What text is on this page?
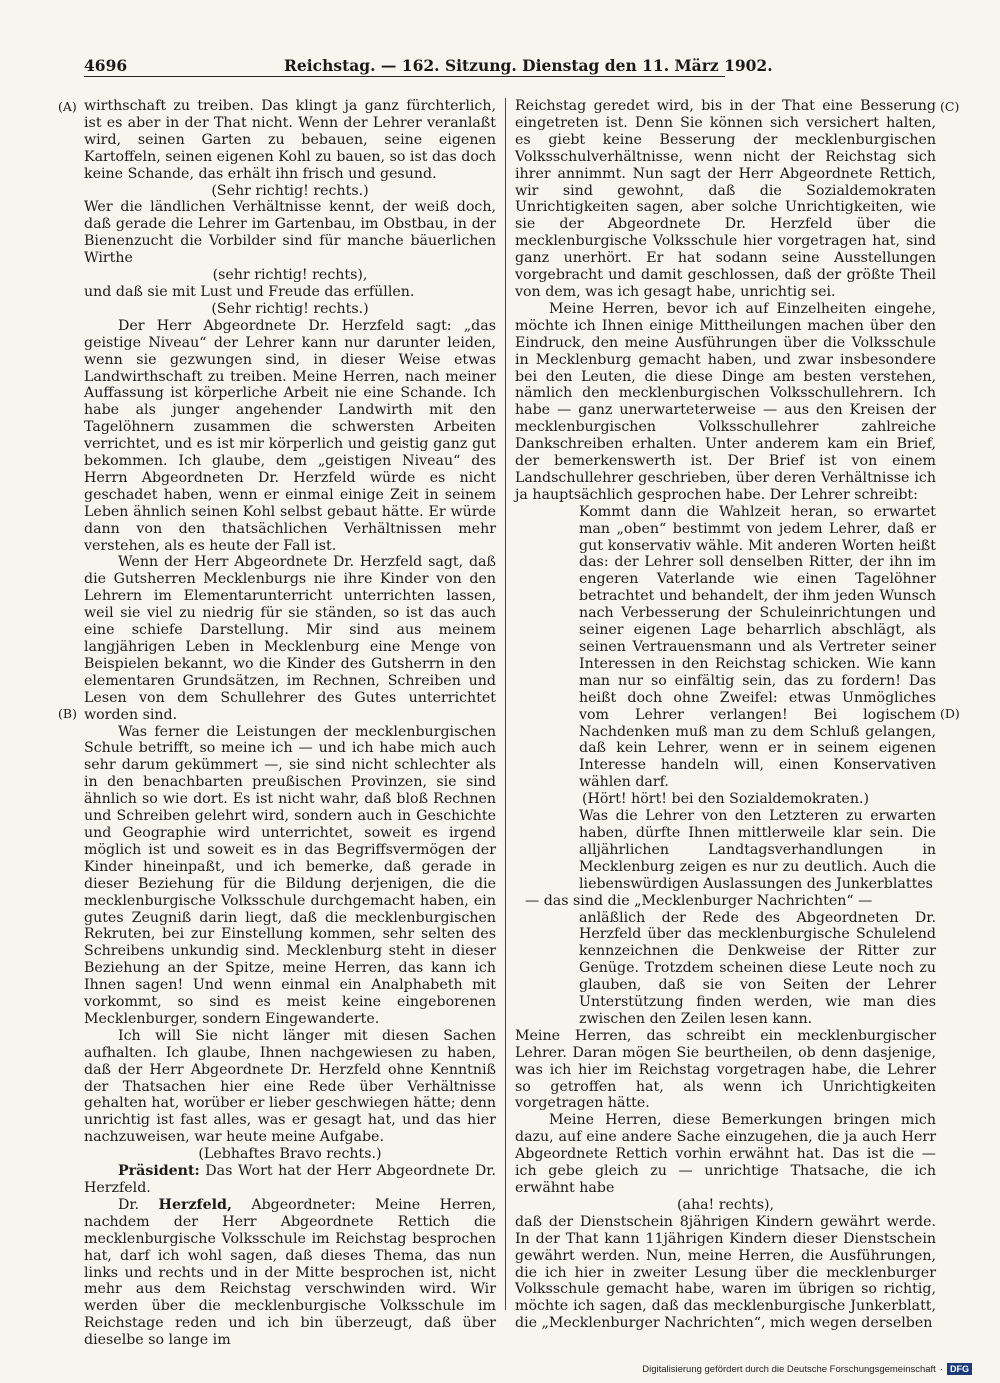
4696	Reichstag. — 162. Sitzung. Dienstag den 11. März 1902.
(A)
(B)
(C)
(D)

wirthschaft zu treiben. Das klingt ja ganz fürchterlich, ist es aber in der That nicht. Wenn der Lehrer veranlaßt wird, seinen Garten zu bebauen, seine eigenen Kartoffeln, seinen eigenen Kohl zu bauen, so ist das doch keine Schande, das erhält ihn frisch und gesund.

(Sehr richtig! rechts.)

Wer die ländlichen Verhältnisse kennt, der weiß doch, daß gerade die Lehrer im Gartenbau, im Obstbau, in der Bienenzucht die Vorbilder sind für manche bäuerlichen Wirthe

(sehr richtig! rechts),

und daß sie mit Lust und Freude das erfüllen.

(Sehr richtig! rechts.)

Der Herr Abgeordnete Dr. Herzfeld sagt: „das geistige Niveau“ der Lehrer kann nur darunter leiden, wenn sie gezwungen sind, in dieser Weise etwas Landwirthschaft zu treiben. Meine Herren, nach meiner Auffassung ist körperliche Arbeit nie eine Schande. Ich habe als junger angehender Landwirth mit den Tagelöhnern zusammen die schwersten Arbeiten verrichtet, und es ist mir körperlich und geistig ganz gut bekommen. Ich glaube, dem „geistigen Niveau“ des Herrn Abgeordneten Dr. Herzfeld würde es nicht geschadet haben, wenn er einmal einige Zeit in seinem Leben ähnlich seinen Kohl selbst gebaut hätte. Er würde dann von den thatsächlichen Verhältnissen mehr verstehen, als es heute der Fall ist.

Wenn der Herr Abgeordnete Dr. Herzfeld sagt, daß die Gutsherren Mecklenburgs nie ihre Kinder von den Lehrern im Elementarunterricht unterrichten lassen, weil sie viel zu niedrig für sie ständen, so ist das auch eine schiefe Darstellung. Mir sind aus meinem langjährigen Leben in Mecklenburg eine Menge von Beispielen bekannt, wo die Kinder des Gutsherrn in den elementaren Grundsätzen, im Rechnen, Schreiben und Lesen von dem Schullehrer des Gutes unterrichtet worden sind.

Was ferner die Leistungen der mecklenburgischen Schule betrifft, so meine ich — und ich habe mich auch sehr darum gekümmert —, sie sind nicht schlechter als in den benachbarten preußischen Provinzen, sie sind ähnlich so wie dort. Es ist nicht wahr, daß bloß Rechnen und Schreiben gelehrt wird, sondern auch in Geschichte und Geographie wird unterrichtet, soweit es irgend möglich ist und soweit es in das Begriffsvermögen der Kinder hineinpaßt, und ich bemerke, daß gerade in dieser Beziehung für die Bildung derjenigen, die die mecklenburgische Volksschule durchgemacht haben, ein gutes Zeugniß darin liegt, daß die mecklenburgischen Rekruten, bei zur Einstellung kommen, sehr selten des Schreibens unkundig sind. Mecklenburg steht in dieser Beziehung an der Spitze, meine Herren, das kann ich Ihnen sagen! Und wenn einmal ein Analphabeth mit vorkommt, so sind es meist keine eingeborenen Mecklenburger, sondern Eingewanderte.

Ich will Sie nicht länger mit diesen Sachen aufhalten. Ich glaube, Ihnen nachgewiesen zu haben, daß der Herr Abgeordnete Dr. Herzfeld ohne Kenntniß der Thatsachen hier eine Rede über Verhältnisse gehalten hat, worüber er lieber geschwiegen hätte; denn unrichtig ist fast alles, was er gesagt hat, und das hier nachzuweisen, war heute meine Aufgabe.

(Lebhaftes Bravo rechts.)

Präsident: Das Wort hat der Herr Abgeordnete Dr. Herzfeld.

Dr. Herzfeld, Abgeordneter: Meine Herren, nachdem der Herr Abgeordnete Rettich die mecklenburgische Volksschule im Reichstag besprochen hat, darf ich wohl sagen, daß dieses Thema, das nun links und rechts und in der Mitte besprochen ist, nicht mehr aus dem Reichstag verschwinden wird. Wir werden über die mecklenburgische Volksschule im Reichstage reden und ich bin überzeugt, daß über dieselbe so lange im

Reichstag geredet wird, bis in der That eine Besserung eingetreten ist. Denn Sie können sich versichert halten, es giebt keine Besserung der mecklenburgischen Volksschulverhältnisse, wenn nicht der Reichstag sich ihrer annimmt. Nun sagt der Herr Abgeordnete Rettich, wir sind gewohnt, daß die Sozialdemokraten Unrichtigkeiten sagen, aber solche Unrichtigkeiten, wie sie der Abgeordnete Dr. Herzfeld über die mecklenburgische Volksschule hier vorgetragen hat, sind ganz unerhört. Er hat sodann seine Ausstellungen vorgebracht und damit geschlossen, daß der größte Theil von dem, was ich gesagt habe, unrichtig sei.

Meine Herren, bevor ich auf Einzelheiten eingehe, möchte ich Ihnen einige Mittheilungen machen über den Eindruck, den meine Ausführungen über die Volksschule in Mecklenburg gemacht haben, und zwar insbesondere bei den Leuten, die diese Dinge am besten verstehen, nämlich den mecklenburgischen Volksschullehrern. Ich habe — ganz unerwarteterweise — aus den Kreisen der mecklenburgischen Volksschullehrer zahlreiche Dankschreiben erhalten. Unter anderem kam ein Brief, der bemerkenswerth ist. Der Brief ist von einem Landschullehrer geschrieben, über deren Verhältnisse ich ja hauptsächlich gesprochen habe. Der Lehrer schreibt:

Kommt dann die Wahlzeit heran, so erwartet man „oben“ bestimmt von jedem Lehrer, daß er gut konservativ wähle. Mit anderen Worten heißt das: der Lehrer soll denselben Ritter, der ihn im engeren Vaterlande wie einen Tagelöhner betrachtet und behandelt, der ihm jeden Wunsch nach Verbesserung der Schuleinrichtungen und seiner eigenen Lage beharrlich abschlägt, als seinen Vertrauensmann und als Vertreter seiner Interessen in den Reichstag schicken. Wie kann man nur so einfältig sein, das zu fordern! Das heißt doch ohne Zweifel: etwas Unmögliches vom Lehrer verlangen! Bei logischem Nachdenken muß man zu dem Schluß gelangen, daß kein Lehrer, wenn er in seinem eigenen Interesse handeln will, einen Konservativen wählen darf.

(Hört! hört! bei den Sozialdemokraten.)

Was die Lehrer von den Letzteren zu erwarten haben, dürfte Ihnen mittlerweile klar sein. Die alljährlichen Landtagsverhandlungen in Mecklenburg zeigen es nur zu deutlich. Auch die liebenswürdigen Auslassungen des Junkerblattes

— das sind die „Mecklenburger Nachrichten“ —

anläßlich der Rede des Abgeordneten Dr. Herzfeld über das mecklenburgische Schulelend kennzeichnen die Denkweise der Ritter zur Genüge. Trotzdem scheinen diese Leute noch zu glauben, daß sie von Seiten der Lehrer Unterstützung finden werden, wie man dies zwischen den Zeilen lesen kann.

Meine Herren, das schreibt ein mecklenburgischer Lehrer. Daran mögen Sie beurtheilen, ob denn dasjenige, was ich hier im Reichstag vorgetragen habe, die Lehrer so getroffen hat, als wenn ich Unrichtigkeiten vorgetragen hätte.

Meine Herren, diese Bemerkungen bringen mich dazu, auf eine andere Sache einzugehen, die ja auch Herr Abgeordnete Rettich vorhin erwähnt hat. Das ist die — ich gebe gleich zu — unrichtige Thatsache, die ich erwähnt habe

(aha! rechts),

daß der Dienstschein 8jährigen Kindern gewährt werde. In der That kann 11jährigen Kindern dieser Dienstschein gewährt werden. Nun, meine Herren, die Ausführungen, die ich hier in zweiter Lesung über die mecklenburger Volksschule gemacht habe, waren im übrigen so richtig, möchte ich sagen, daß das mecklenburgische Junkerblatt, die „Mecklenburger Nachrichten“, mich wegen derselben

Digitalisierung gefördert durch die Deutsche Forschungsgemeinschaft · DFG
